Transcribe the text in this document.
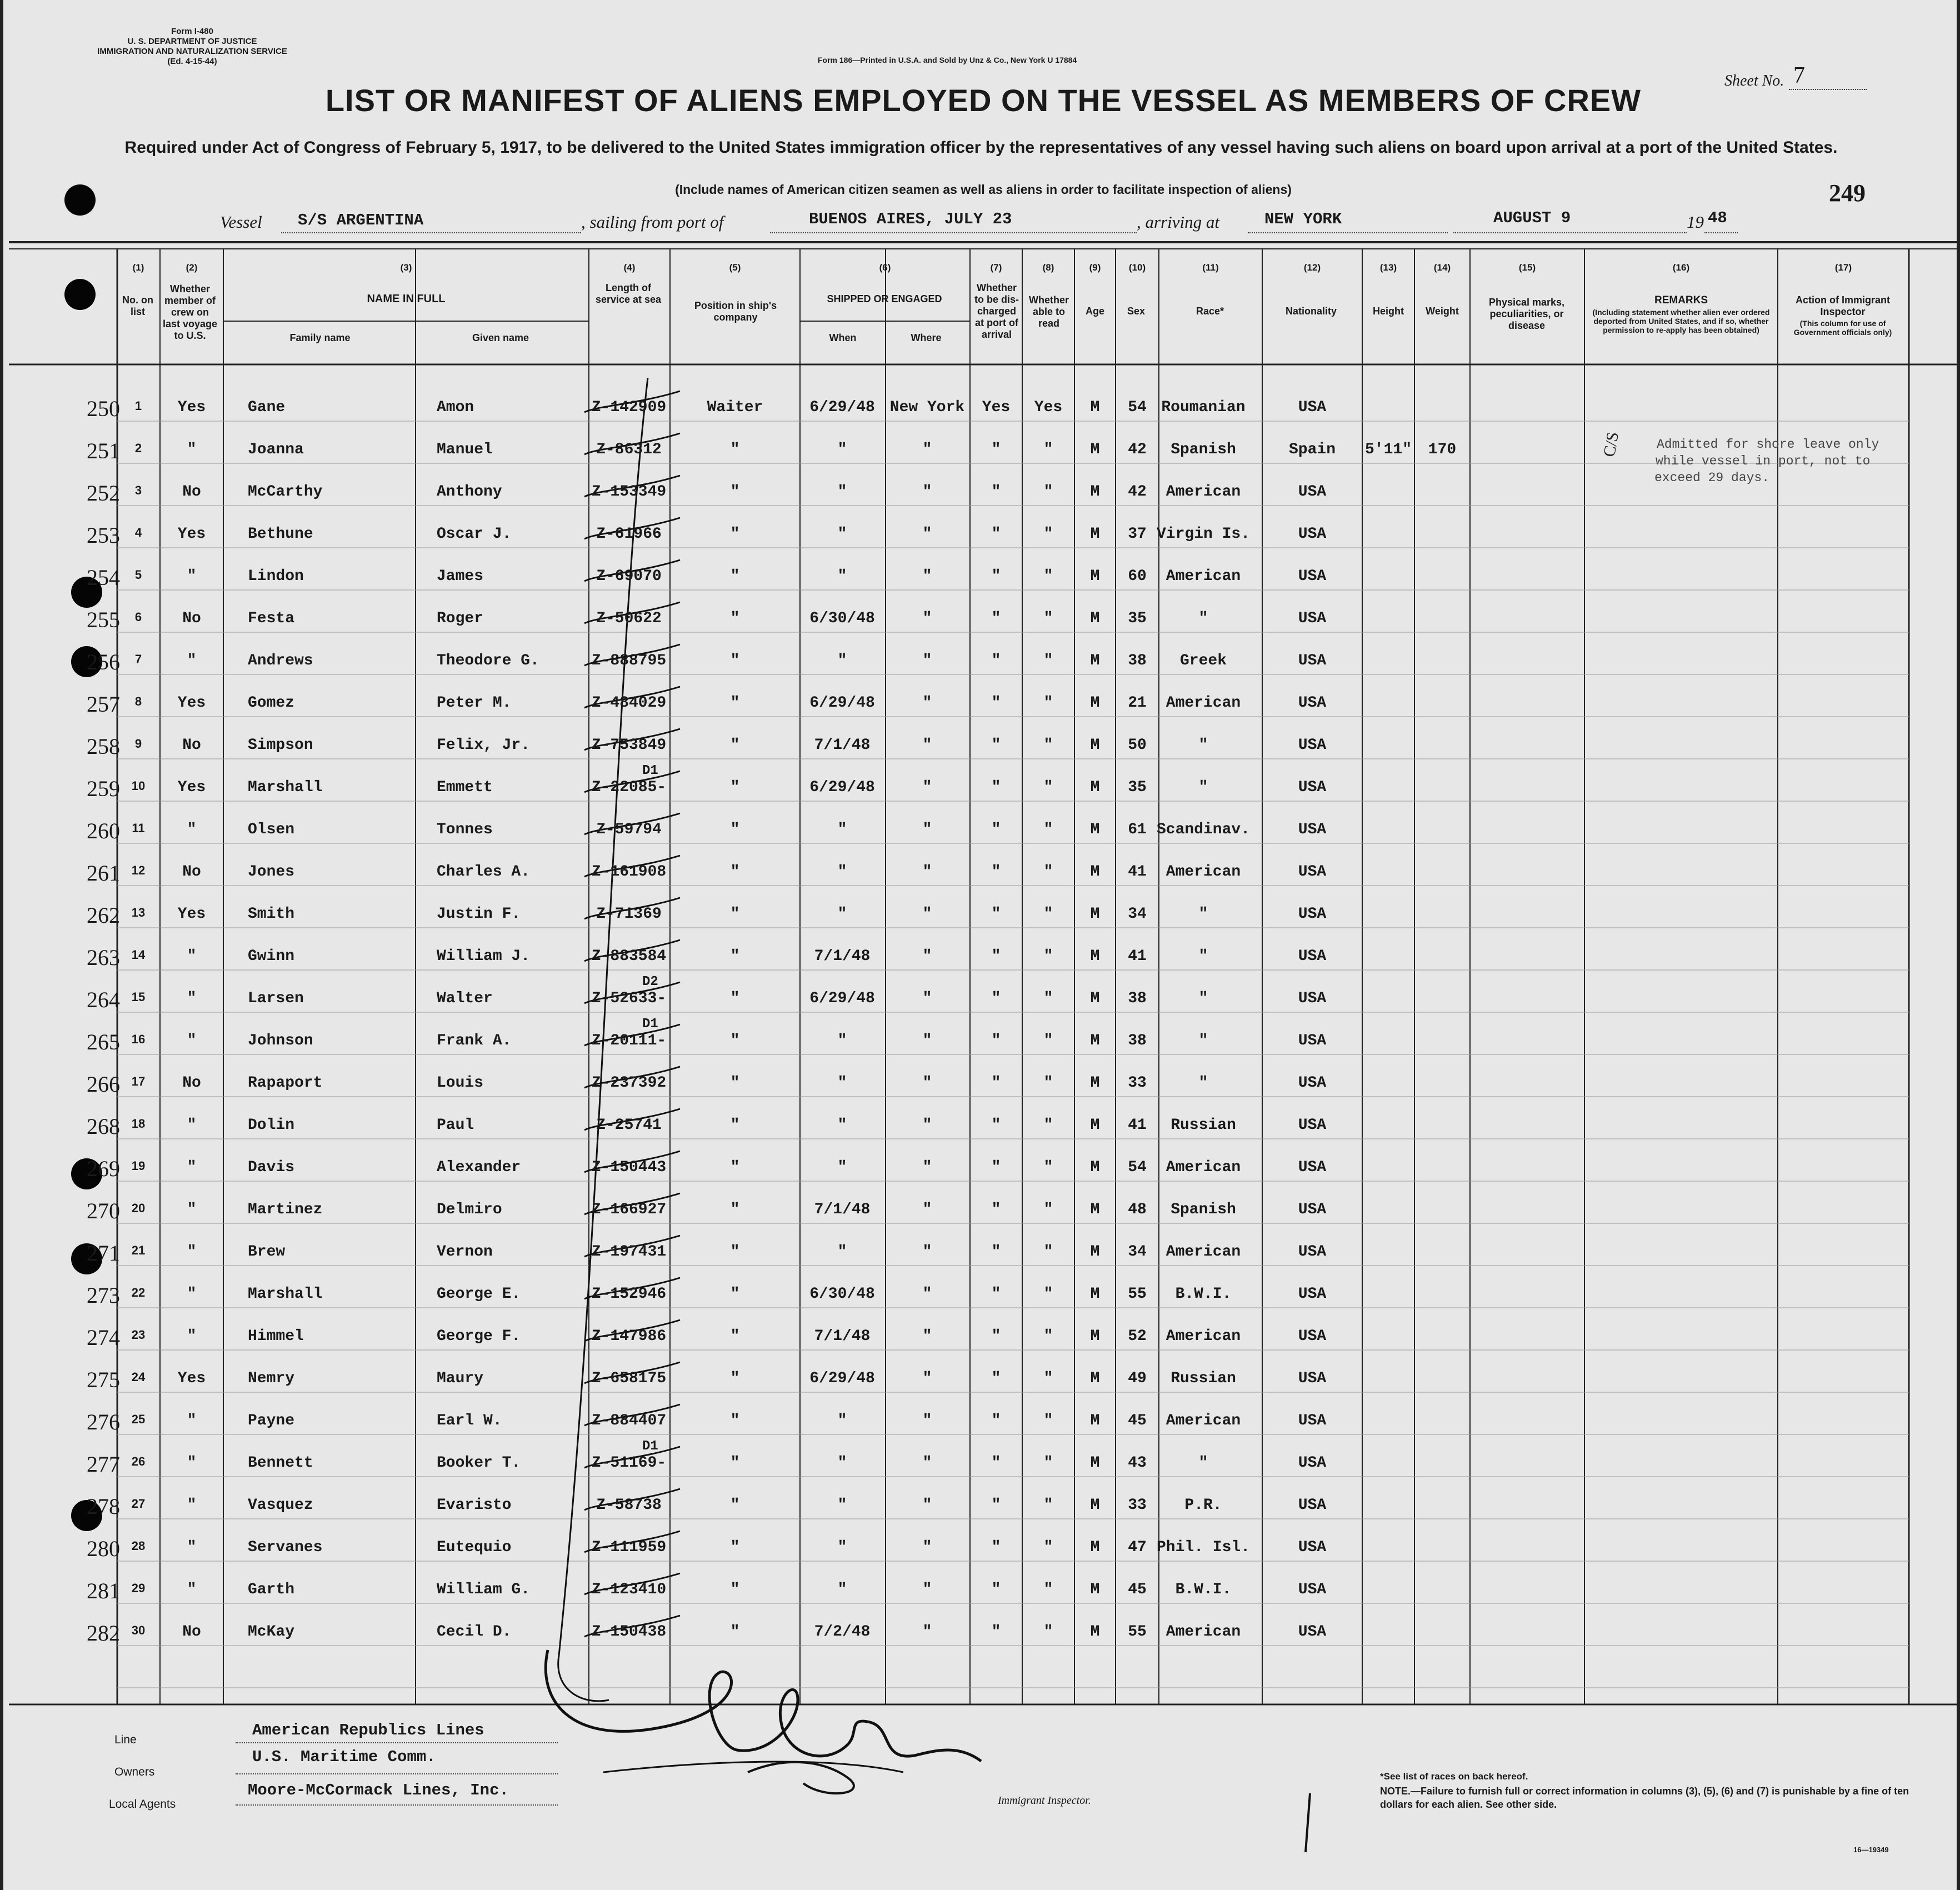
Form I-480
U. S. DEPARTMENT OF JUSTICE
IMMIGRATION AND NATURALIZATION SERVICE
(Ed. 4-15-44)	Form 186—Printed in U.S.A. and Sold by Unz & Co., New York U 17884
LIST OR MANIFEST OF ALIENS EMPLOYED ON THE VESSEL AS MEMBERS OF CREW
Sheet No. 7
Required under Act of Congress of February 5, 1917, to be delivered to the United States immigration officer by the representatives of any vessel having such aliens on board upon arrival at a port of the United States.
(Include names of American citizen seamen as well as aliens in order to facilitate inspection of aliens)	249
Vessel S/S ARGENTINA	, sailing from port of	BUENOS AIRES, JULY 23	, arriving at	NEW YORK	AUGUST 9	19 48
No. on list
Whether member of crew on last voyage to U.S.
NAME IN FULL
Family name	Given name
Length of service at sea
Position in ship's company
SHIPPED OR ENGAGED
When	Where
Whether to be dis-charged at port of arrival
Whether able to read
Age	Sex	Race*	Nationality	Height	Weight
Physical marks, peculiarities, or disease
REMARKS
(Including statement whether alien ever ordered deported from United States, and if so, whether permission to re-apply has been obtained)
Action of Immigrant Inspector
(This column for use of Government officials only)
(1)	(2)	(3)	(4)	(5)	(6)	(7)	(8)	(9)	(10)	(11)	(12)	(13)	(14)	(15)	(16)	(17)
250	1	Yes	Gane	Amon	Z-142909	Waiter	6/29/48 New York	Yes	Yes	M	54 Roumanian	USA
251	2	"	Joanna	Manuel	Z-86312	"	"	"	"	"	M	42	Spanish	Spain	5'11"	170
252	3	No	McCarthy	Anthony	Z-153349	"	"	"	"	"	M	42	American	USA
253	4	Yes	Bethune	Oscar J.	Z-61966	"	"	"	"	"	M	37 Virgin Is.	USA
254	5	"	Lindon	James	Z-69070	"	"	"	"	"	M	60	American	USA
255	6	No	Festa	Roger	Z-50622	"	6/30/48	"	"	"	M	35	"	USA
256	7	"	Andrews	Theodore G.	Z-888795	"	"	"	"	"	M	38	Greek	USA
257	8	Yes	Gomez	Peter M.	Z-484029	"	6/29/48	"	"	"	M	21	American	USA
258	9	No	Simpson	Felix, Jr.	Z-753849	"	7/1/48	"	"	"	M	50	"	USA
259 10	Yes	Marshall	Emmett	Z-22085-	"	6/29/48	"	"	"	M	35	"	USA
D1
260 11	"	Olsen	Tonnes	Z-59794	"	"	"	"	"	M	61 Scandinav.	USA
261 12	No	Jones	Charles A.	Z-161908	"	"	"	"	"	M	41	American	USA
262 13	Yes	Smith	Justin F.	Z-71369	"	"	"	"	"	M	34	"	USA
263 14	"	Gwinn	William J.	Z-883584	"	7/1/48	"	"	"	M	41	"	USA
264 15	"	Larsen	Walter	Z-52633-	"	6/29/48	"	"	"	M	38	"	USA
D2
265 16	"	Johnson	Frank A.	Z-20111-	"	"	"	"	"	M	38	"	USA
D1
266 17	No	Rapaport	Louis	Z-237392	"	"	"	"	"	M	33	"	USA
268 18	"	Dolin	Paul	Z-25741	"	"	"	"	"	M	41	Russian	USA
269 19	"	Davis	Alexander	Z-150443	"	"	"	"	"	M	54	American	USA
270 20	"	Martinez	Delmiro	Z-166927	"	7/1/48	"	"	"	M	48	Spanish	USA
271 21	"	Brew	Vernon	Z-197431	"	"	"	"	"	M	34	American	USA
273 22	"	Marshall	George E.	Z-152946	"	6/30/48	"	"	"	M	55	B.W.I.	USA
274 23	"	Himmel	George F.	Z-147986	"	7/1/48	"	"	"	M	52	American	USA
275 24	Yes	Nemry	Maury	Z-658175	"	6/29/48	"	"	"	M	49	Russian	USA
276 25	"	Payne	Earl W.	Z-884407	"	"	"	"	"	M	45	American	USA
277 26	"	Bennett	Booker T.	Z-51169-	"	"	"	"	"	M	43	"	USA
D1
278 27	"	Vasquez	Evaristo	Z-58738	"	"	"	"	"	M	33	P.R.	USA
280 28	"	Servanes	Eutequio	Z-111959	"	"	"	"	"	M	47 Phil. Isl.	USA
281 29	"	Garth	William G.	Z-123410	"	"	"	"	"	M	45	B.W.I.	USA
282 30	No	McKay	Cecil D.	Z-150438	"	7/2/48	"	"	"	M	55	American	USA
C/S	Admitted for shore leave only
while vessel in port, not to
exceed 29 days.
Line
American Republics Lines
Owners
U.S. Maritime Comm.
Local Agents
Moore-McCormack Lines, Inc.
Immigrant Inspector.
*See list of races on back hereof.
NOTE.—Failure to furnish full or correct information in columns (3), (5), (6) and (7) is punishable by a fine of ten dollars for each alien. See other side.
16—19349
